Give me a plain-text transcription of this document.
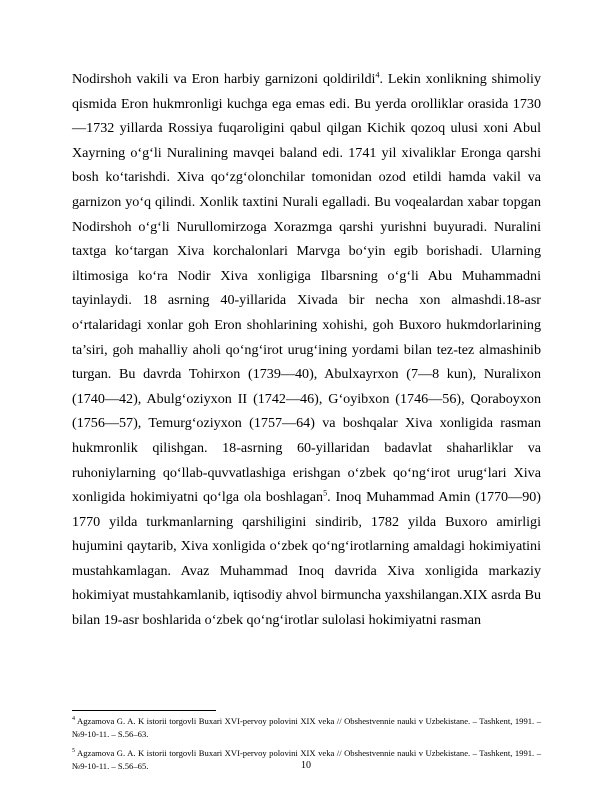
Nodirshoh vakili va Eron harbiy garnizoni qoldirildi$^4$. Lekin xonlikning shimoliy qismida Eron hukmronligi kuchga ega emas edi. Bu yerda orolliklar orasida 1730—1732 yillarda Rossiya fuqaroligini qabul qilgan Kichik qozoq ulusi xoni Abul Xayrning o‘g‘li Nuralining mavqei baland edi. 1741 yil xivaliklar Eronga qarshi bosh ko‘tarishdi. Xiva qo‘zg‘olonchilar tomonidan ozod etildi hamda vakil va garnizon yo‘q qilindi. Xonlik taxtini Nurali egalladi. Bu voqealardan xabar topgan Nodirshoh o‘g‘li Nurullomirzoga Xorazmga qarshi yurishni buyuradi. Nuralini taxtga ko‘targan Xiva korchalonlari Marvga bo‘yin egib borishadi. Ularning iltimosiga ko‘ra Nodir Xiva xonligiga Ilbarsning o‘g‘li Abu Muhammadni tayinlaydi. 18 asrning 40-yillarida Xivada bir necha xon almashdi.18-asr o‘rtalaridagi xonlar goh Eron shohlarining xohishi, goh Buxoro hukmdorlarining ta’siri, goh mahalliy aholi qo‘ng‘irot urug‘ining yordami bilan tez-tez almashinib turgan. Bu davrda Tohirxon (1739—40), Abulxayrxon (7—8 kun), Nuralixon (1740—42), Abulg‘oziyxon II (1742—46), G‘oyibxon (1746—56), Qoraboyxon (1756—57), Temurg‘oziyxon (1757—64) va boshqalar Xiva xonligida rasman hukmronlik qilishgan. 18-asrning 60-yillaridan badavlat shaharliklar va ruhoniylarning qo‘llab-quvvatlashiga erishgan o‘zbek qo‘ng‘irot urug‘lari Xiva xonligida hokimiyatni qo‘lga ola boshlagan$^5$. Inoq Muhammad Amin (1770—90) 1770 yilda turkmanlarning qarshiligini sindirib, 1782 yilda Buxoro amirligi hujumini qaytarib, Xiva xonligida o‘zbek qo‘ng‘irotlarning amaldagi hokimiyatini mustahkamlagan. Avaz Muhammad Inoq davrida Xiva xonligida markaziy hokimiyat mustahkamlanib, iqtisodiy ahvol birmuncha yaxshilangan.XIX asrda Bu bilan 19-asr boshlarida o‘zbek qo‘ng‘irotlar sulolasi hokimiyatni rasman

$^4$ Agzamova G. A. K istorii torgovli Buxari XVI-pervoy polovini XIX veka // Obshestvennie nauki v Uzbekistane. – Tashkent, 1991. – №9-10-11. – S.56–63.

$^5$ Agzamova G. A. K istorii torgovli Buxari XVI-pervoy polovini XIX veka // Obshestvennie nauki v Uzbekistane. – Tashkent, 1991. – №9-10-11. – S.56–65.	10
